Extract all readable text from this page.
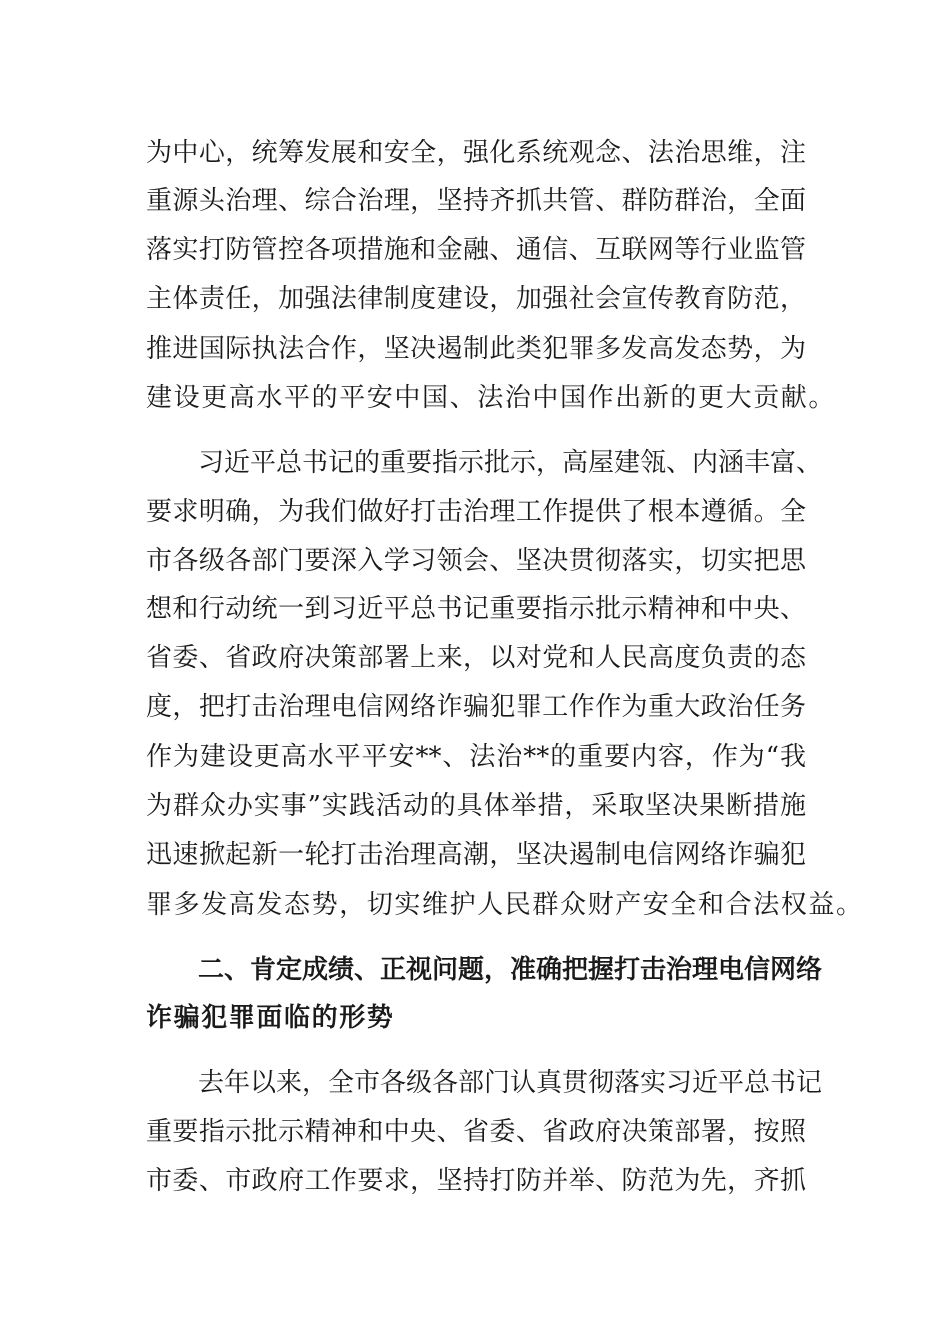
为中心，统筹发展和安全，强化系统观念、法治思维，注
重源头治理、综合治理，坚持齐抓共管、群防群治，全面
落实打防管控各项措施和金融、通信、互联网等行业监管
主体责任，加强法律制度建设，加强社会宣传教育防范，
推进国际执法合作，坚决遏制此类犯罪多发高发态势，为
建设更高水平的平安中国、法治中国作出新的更大贡献。
习近平总书记的重要指示批示，高屋建瓴、内涵丰富、
要求明确，为我们做好打击治理工作提供了根本遵循。全
市各级各部门要深入学习领会、坚决贯彻落实，切实把思
想和行动统一到习近平总书记重要指示批示精神和中央、
省委、省政府决策部署上来，以对党和人民高度负责的态
度，把打击治理电信网络诈骗犯罪工作作为重大政治任务
作为建设更高水平平安**、法治**的重要内容，作为“我
为群众办实事”实践活动的具体举措，采取坚决果断措施
迅速掀起新一轮打击治理高潮，坚决遏制电信网络诈骗犯
罪多发高发态势，切实维护人民群众财产安全和合法权益。
二、肯定成绩、正视问题，准确把握打击治理电信网络
诈骗犯罪面临的形势
去年以来，全市各级各部门认真贯彻落实习近平总书记
重要指示批示精神和中央、省委、省政府决策部署，按照
市委、市政府工作要求，坚持打防并举、防范为先，齐抓
